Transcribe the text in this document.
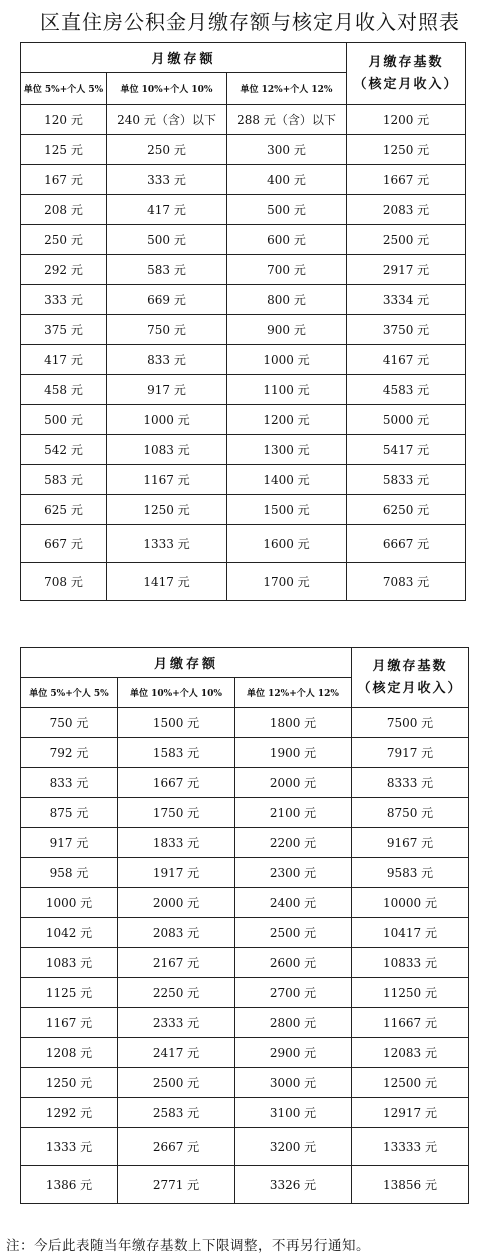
区直住房公积金月缴存额与核定月收入对照表
月缴存额			月缴存基数
（核定月收入）

单位 5%+个人 5%	单位 10%+个人 10%	单位 12%+个人 12%	
120 元	240 元（含）以下	288 元（含）以下	1200 元
125 元	250 元	300 元	1250 元
167 元	333 元	400 元	1667 元
208 元	417 元	500 元	2083 元
250 元	500 元	600 元	2500 元
292 元	583 元	700 元	2917 元
333 元	669 元	800 元	3334 元
375 元	750 元	900 元	3750 元
417 元	833 元	1000 元	4167 元
458 元	917 元	1100 元	4583 元
500 元	1000 元	1200 元	5000 元
542 元	1083 元	1300 元	5417 元
583 元	1167 元	1400 元	5833 元
625 元	1250 元	1500 元	6250 元
667 元	1333 元	1600 元	6667 元
708 元	1417 元	1700 元	7083 元
月缴存额			月缴存基数
（核定月收入）

单位 5%+个人 5%	单位 10%+个人 10%	单位 12%+个人 12%	
750 元	1500 元	1800 元	7500 元
792 元	1583 元	1900 元	7917 元
833 元	1667 元	2000 元	8333 元
875 元	1750 元	2100 元	8750 元
917 元	1833 元	2200 元	9167 元
958 元	1917 元	2300 元	9583 元
1000 元	2000 元	2400 元	10000 元
1042 元	2083 元	2500 元	10417 元
1083 元	2167 元	2600 元	10833 元
1125 元	2250 元	2700 元	11250 元
1167 元	2333 元	2800 元	11667 元
1208 元	2417 元	2900 元	12083 元
1250 元	2500 元	3000 元	12500 元
1292 元	2583 元	3100 元	12917 元
1333 元	2667 元	3200 元	13333 元
1386 元	2771 元	3326 元	13856 元
注：今后此表随当年缴存基数上下限调整，不再另行通知。
